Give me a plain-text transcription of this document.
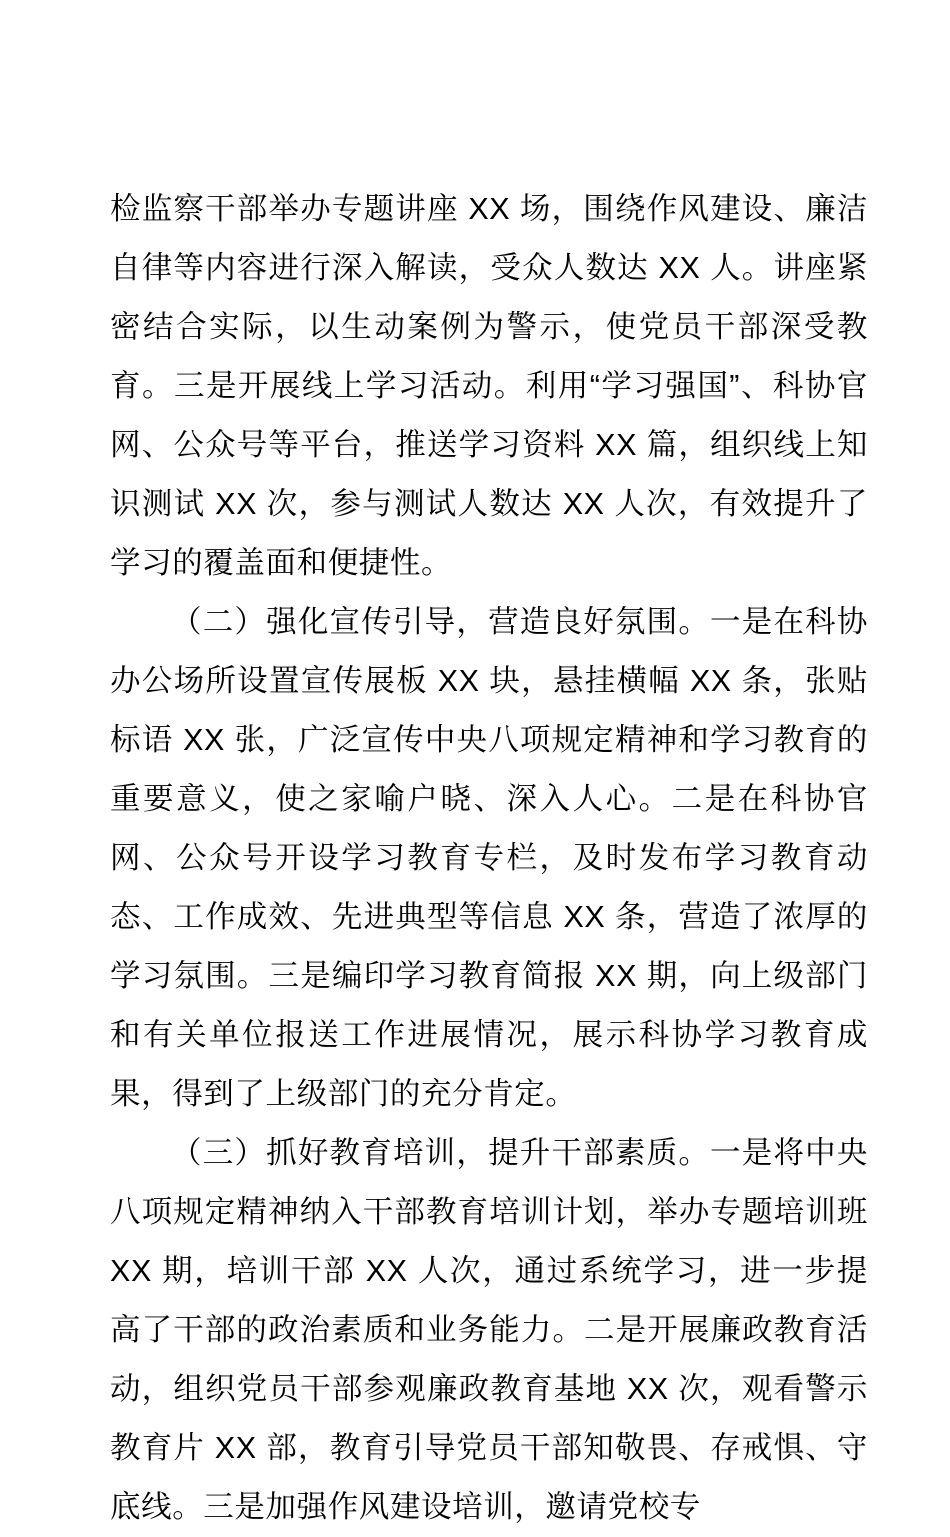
检监察干部举办专题讲座 XX 场，围绕作风建设、廉洁自律等内容进行深入解读，受众人数达 XX 人。讲座紧密结合实际，以生动案例为警示，使党员干部深受教育。三是开展线上学习活动。利用“学习强国”、科协官网、公众号等平台，推送学习资料 XX 篇，组织线上知识测试 XX 次，参与测试人数达 XX 人次，有效提升了学习的覆盖面和便捷性。

（二）强化宣传引导，营造良好氛围。一是在科协办公场所设置宣传展板 XX 块，悬挂横幅 XX 条，张贴标语 XX 张，广泛宣传中央八项规定精神和学习教育的重要意义，使之家喻户晓、深入人心。二是在科协官网、公众号开设学习教育专栏，及时发布学习教育动态、工作成效、先进典型等信息 XX 条，营造了浓厚的学习氛围。三是编印学习教育简报 XX 期，向上级部门和有关单位报送工作进展情况，展示科协学习教育成果，得到了上级部门的充分肯定。

（三）抓好教育培训，提升干部素质。一是将中央八项规定精神纳入干部教育培训计划，举办专题培训班 XX 期，培训干部 XX 人次，通过系统学习，进一步提高了干部的政治素质和业务能力。二是开展廉政教育活动，组织党员干部参观廉政教育基地 XX 次，观看警示教育片 XX 部，教育引导党员干部知敬畏、存戒惧、守底线。三是加强作风建设培训，邀请党校专
